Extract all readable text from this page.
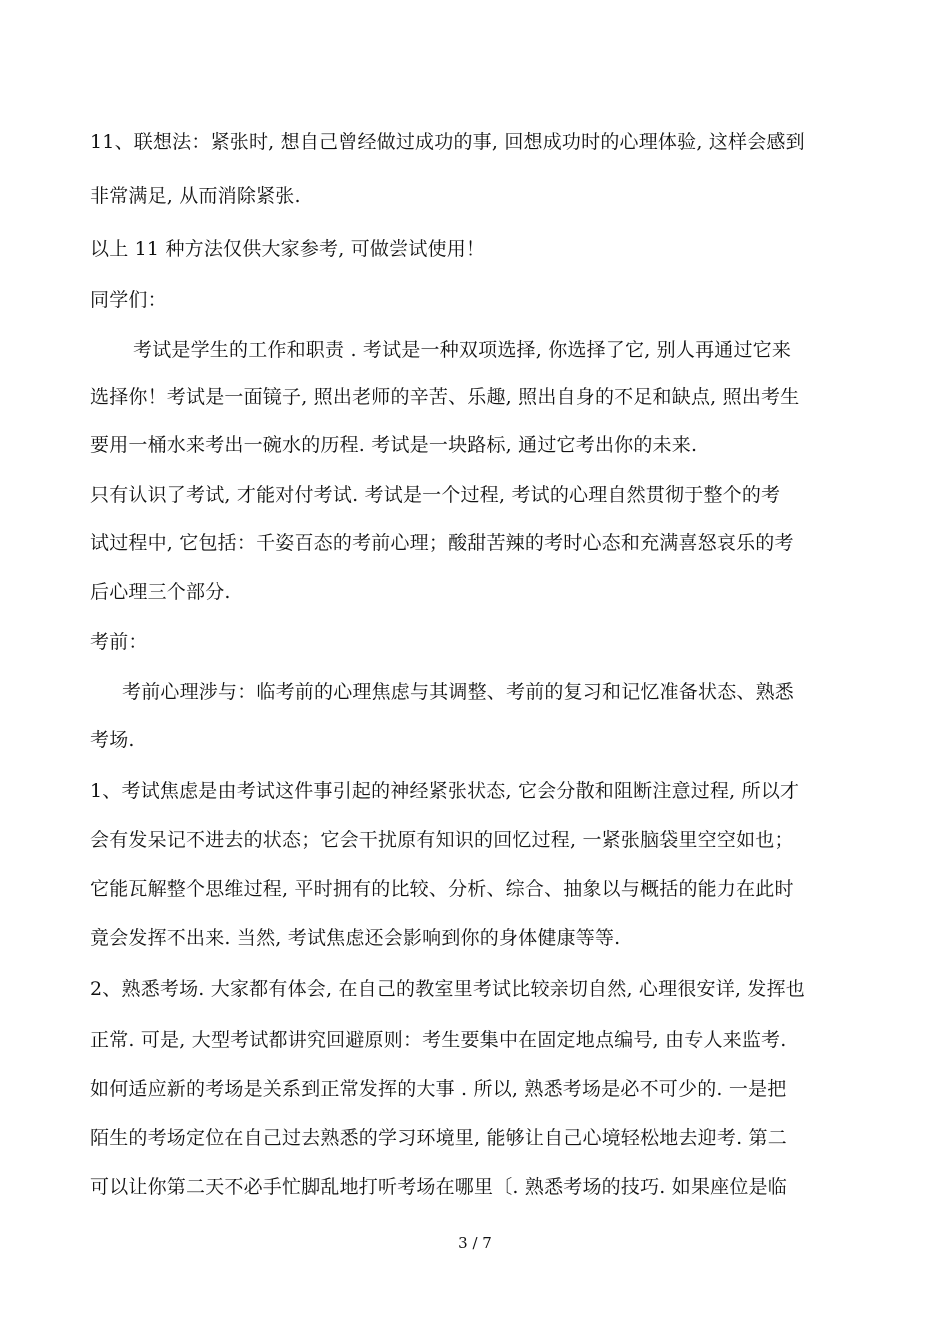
11、联想法：紧张时, 想自己曾经做过成功的事, 回想成功时的心理体验, 这样会感到
非常满足, 从而消除紧张.
以上 11 种方法仅供大家参考, 可做尝试使用！
同学们：
考试是学生的工作和职责 . 考试是一种双项选择, 你选择了它, 别人再通过它来
选择你！考试是一面镜子, 照出老师的辛苦、乐趣, 照出自身的不足和缺点, 照出考生
要用一桶水来考出一碗水的历程. 考试是一块路标, 通过它考出你的未来.
只有认识了考试, 才能对付考试. 考试是一个过程, 考试的心理自然贯彻于整个的考
试过程中, 它包括：千姿百态的考前心理；酸甜苦辣的考时心态和充满喜怒哀乐的考
后心理三个部分.
考前：
考前心理涉与：临考前的心理焦虑与其调整、考前的复习和记忆准备状态、熟悉
考场.
1、考试焦虑是由考试这件事引起的神经紧张状态, 它会分散和阻断注意过程, 所以才
会有发呆记不进去的状态；它会干扰原有知识的回忆过程, 一紧张脑袋里空空如也；
它能瓦解整个思维过程, 平时拥有的比较、分析、综合、抽象以与概括的能力在此时
竟会发挥不出来. 当然, 考试焦虑还会影响到你的身体健康等等.
2、熟悉考场. 大家都有体会, 在自己的教室里考试比较亲切自然, 心理很安详, 发挥也
正常. 可是, 大型考试都讲究回避原则：考生要集中在固定地点编号, 由专人来监考.
如何适应新的考场是关系到正常发挥的大事 . 所以, 熟悉考场是必不可少的. 一是把
陌生的考场定位在自己过去熟悉的学习环境里, 能够让自己心境轻松地去迎考. 第二
可以让你第二天不必手忙脚乱地打听考场在哪里〔. 熟悉考场的技巧. 如果座位是临
3 / 7
